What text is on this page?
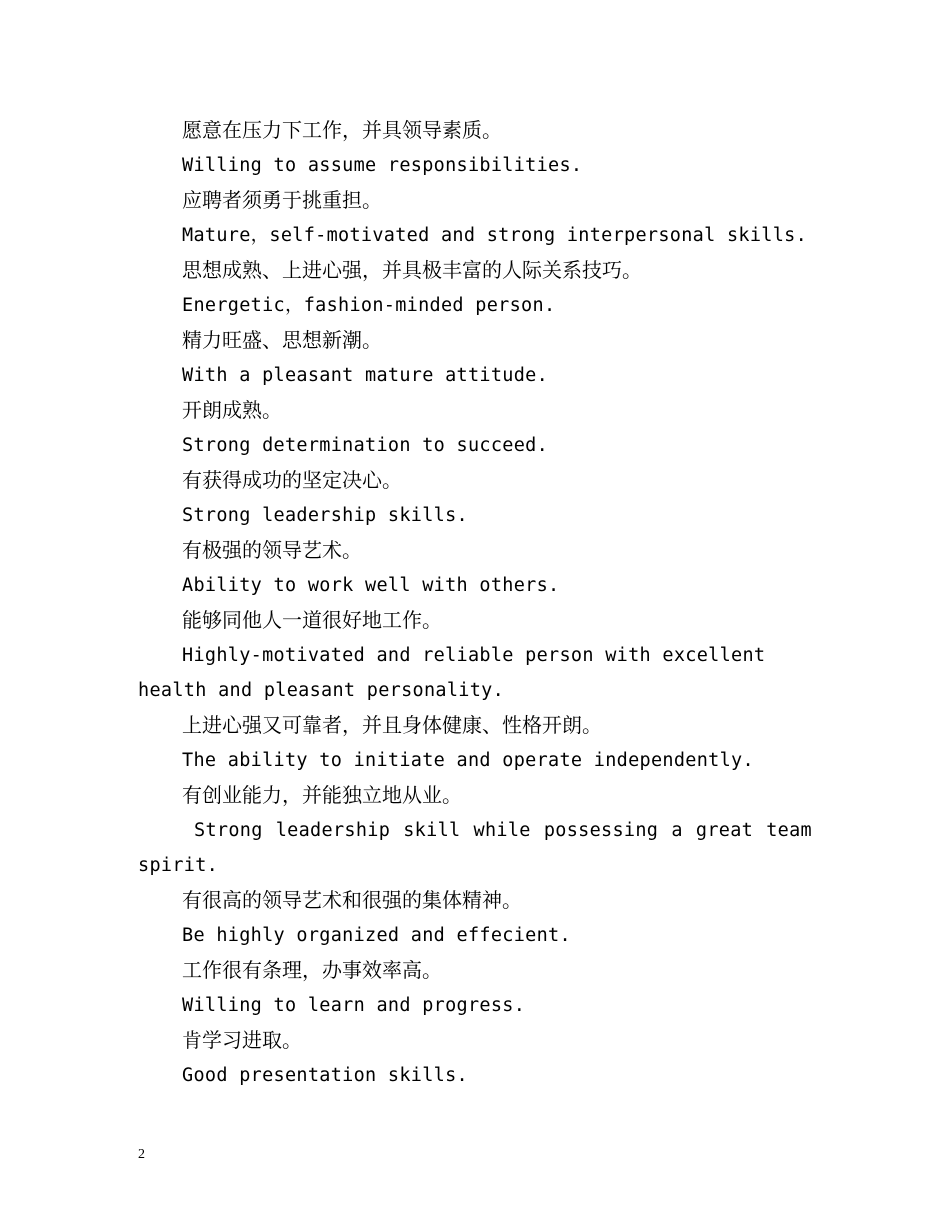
愿意在压力下工作，并具领导素质。

Willing to assume responsibilities.

应聘者须勇于挑重担。

Mature，self-motivated and strong interpersonal skills.

思想成熟、上进心强，并具极丰富的人际关系技巧。

Energetic，fashion-minded person.

精力旺盛、思想新潮。

With a pleasant mature attitude.

开朗成熟。

Strong determination to succeed.

有获得成功的坚定决心。

Strong leadership skills.

有极强的领导艺术。

Ability to work well with others.

能够同他人一道很好地工作。

Highly-motivated and reliable person with excellent health and pleasant personality.

上进心强又可靠者，并且身体健康、性格开朗。

The ability to initiate and operate independently.

有创业能力，并能独立地从业。

Strong leadership skill while possessing a great team spirit.

有很高的领导艺术和很强的集体精神。

Be highly organized and effecient.

工作很有条理，办事效率高。

Willing to learn and progress.

肯学习进取。

Good presentation skills.

2
